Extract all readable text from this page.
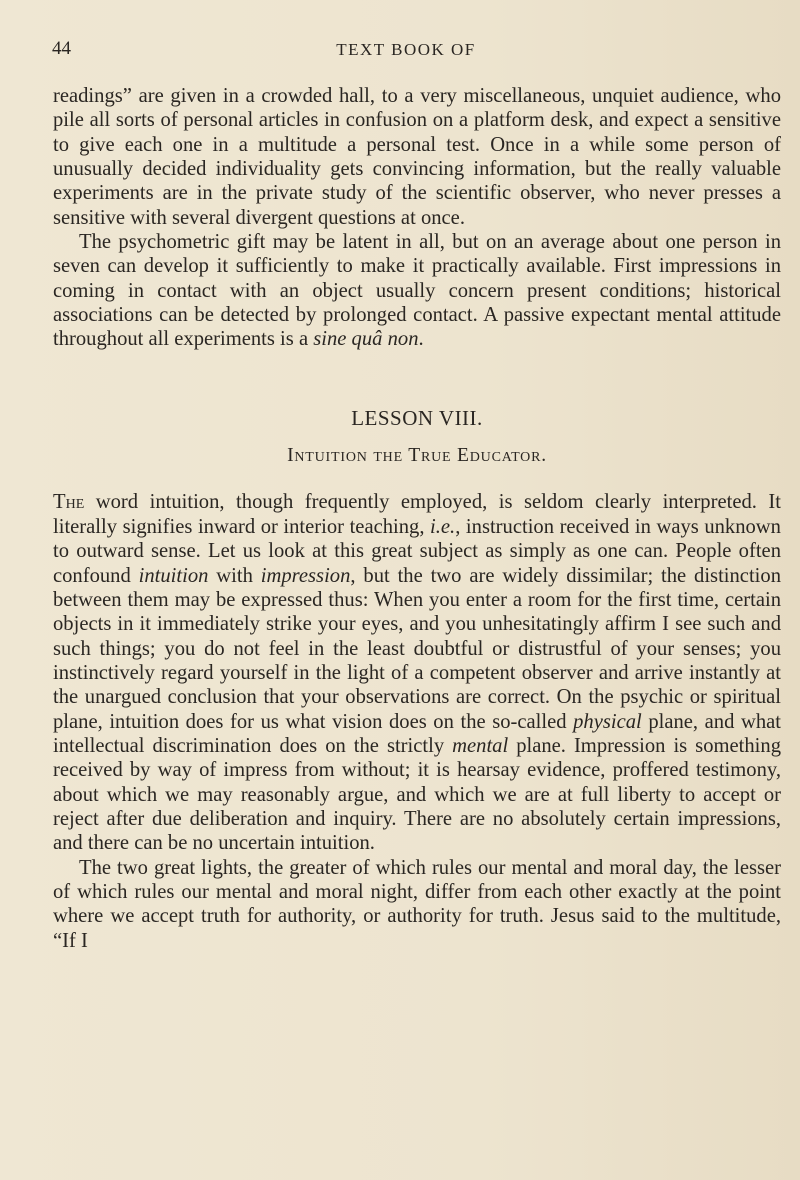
44	TEXT BOOK OF

readings” are given in a crowded hall, to a very miscellaneous, unquiet audience, who pile all sorts of personal articles in confusion on a platform desk, and expect a sensitive to give each one in a multitude a personal test. Once in a while some person of unusually decided individuality gets convincing information, but the really valuable experiments are in the private study of the scientific observer, who never presses a sensitive with several divergent questions at once.

The psychometric gift may be latent in all, but on an average about one person in seven can develop it sufficiently to make it practically available. First impressions in coming in contact with an object usually concern present conditions; historical associations can be detected by prolonged contact. A passive expectant mental attitude throughout all experiments is a sine quâ non.

LESSON VIII.
Intuition the True Educator.

The word intuition, though frequently employed, is seldom clearly interpreted. It literally signifies inward or interior teaching, i.e., instruction received in ways unknown to outward sense. Let us look at this great subject as simply as one can. People often confound intuition with impression, but the two are widely dissimilar; the distinction between them may be expressed thus: When you enter a room for the first time, certain objects in it immediately strike your eyes, and you unhesitatingly affirm I see such and such things; you do not feel in the least doubtful or distrustful of your senses; you instinctively regard yourself in the light of a competent observer and arrive instantly at the unargued conclusion that your observations are correct. On the psychic or spiritual plane, intuition does for us what vision does on the so-called physical plane, and what intellectual discrimination does on the strictly mental plane. Impression is something received by way of impress from without; it is hearsay evidence, proffered testimony, about which we may reasonably argue, and which we are at full liberty to accept or reject after due deliberation and inquiry. There are no absolutely certain impressions, and there can be no uncertain intuition.

The two great lights, the greater of which rules our mental and moral day, the lesser of which rules our mental and moral night, differ from each other exactly at the point where we accept truth for authority, or authority for truth. Jesus said to the multitude, “If I
